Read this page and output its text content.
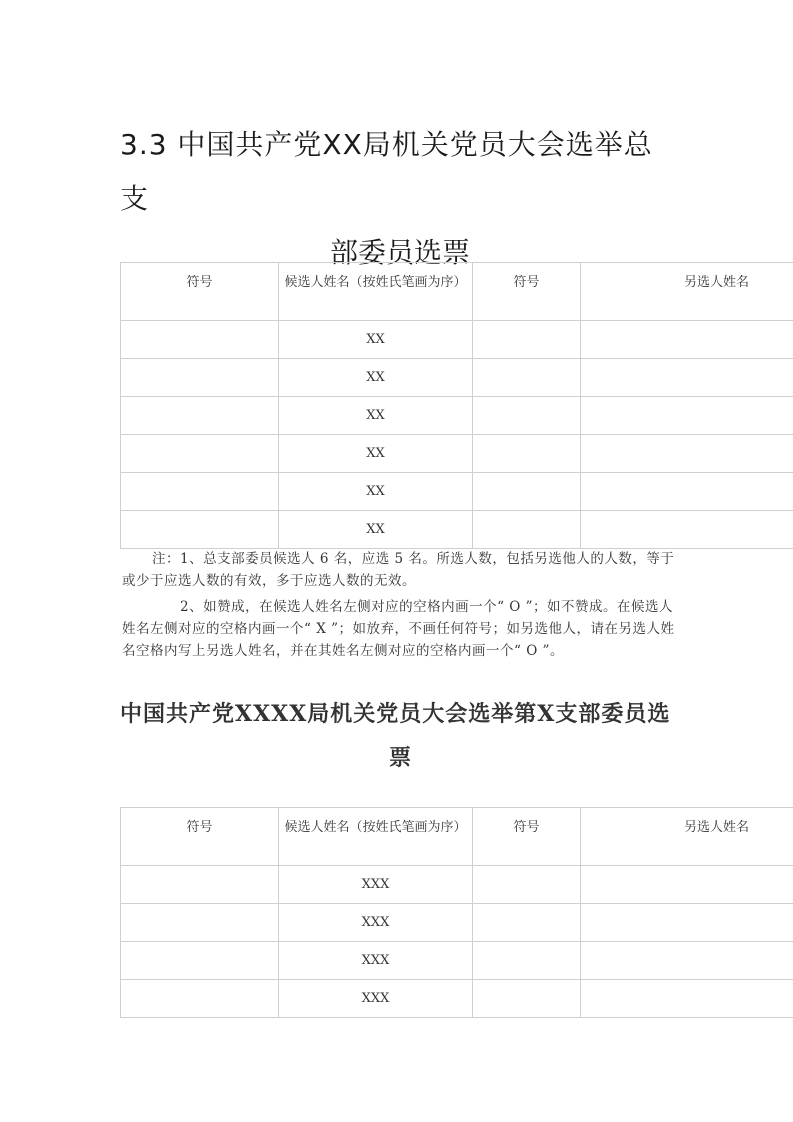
3.3 中国共产党XX局机关党员大会选举总支
部委员选票
符号	候选人姓名（按姓氏笔画为序）	符号	另选人姓名
	XX		
	XX		
	XX		
	XX		
	XX		
	XX		

注：1、总支部委员候选人 6 名，应选 5 名。所选人数，包括另选他人的人数，等于或少于应选人数的有效，多于应选人数的无效。

2、如赞成，在候选人姓名左侧对应的空格内画一个“ O ”；如不赞成。在候选人姓名左侧对应的空格内画一个“ X ”；如放弃，不画任何符号；如另选他人，请在另选人姓名空格内写上另选人姓名，并在其姓名左侧对应的空格内画一个“ O ”。

中国共产党XXXX局机关党员大会选举第X支部委员选
票
符号	候选人姓名（按姓氏笔画为序）	符号	另选人姓名
	XXX		
	XXX		
	XXX		
	XXX		
